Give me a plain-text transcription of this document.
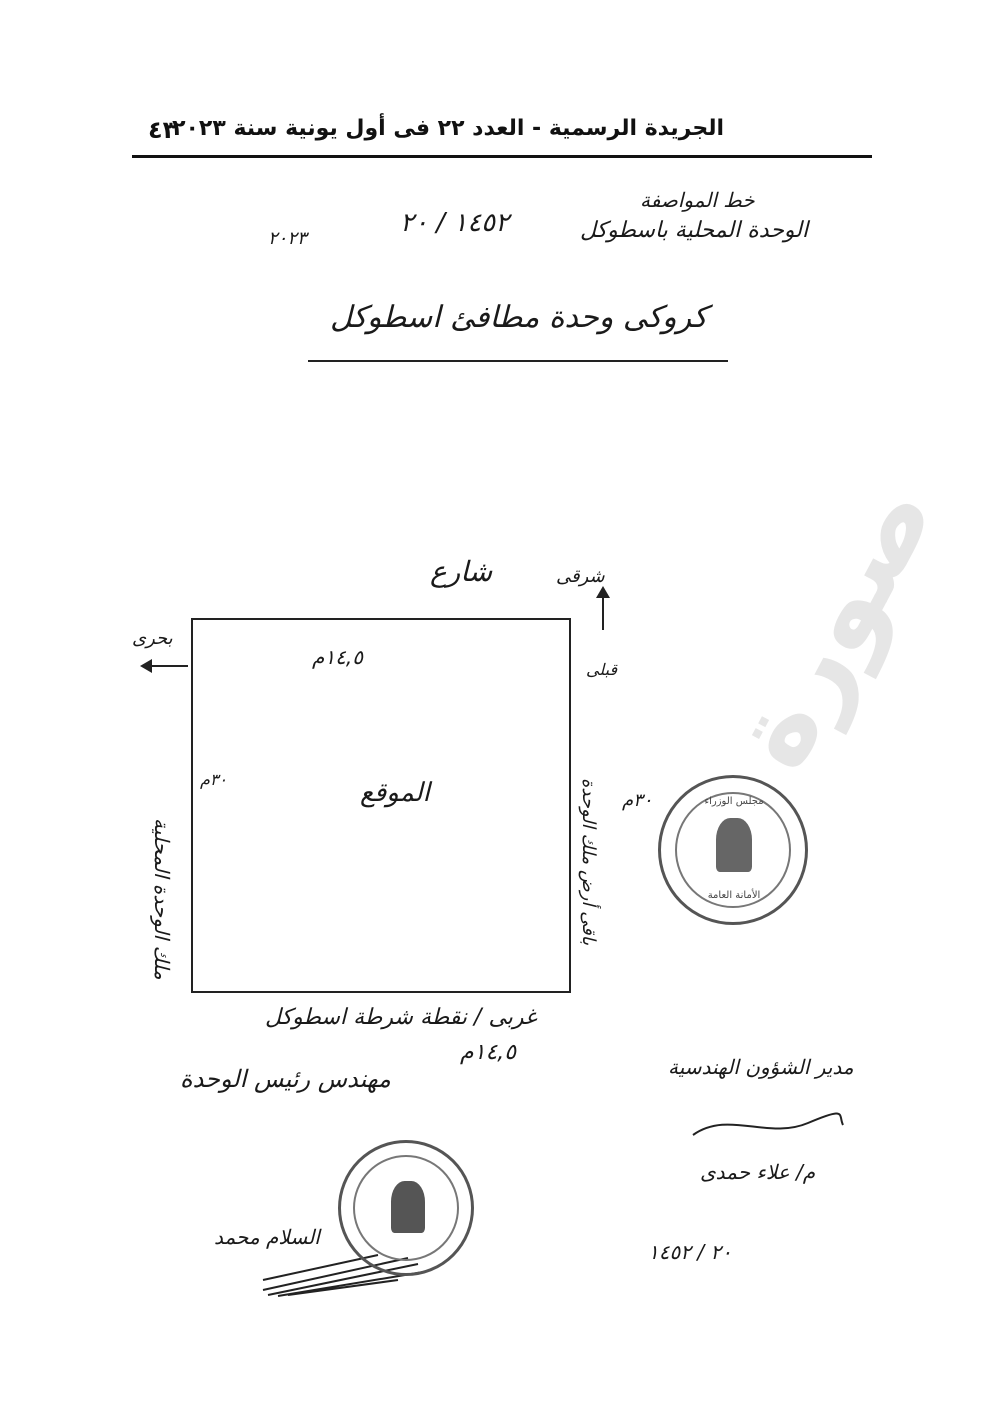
صورة
٤٣
الجريدة الرسمية - العدد ٢٢ فى أول يونية سنة ٢٠٢٣
خط المواصفة
الوحدة المحلية باسطوكل
١٤٥٢ / ٢٠
٢٠٢٣
كروكى وحدة مطافئ اسطوكل
شارع	شرقى
بحرى
١٤,٥م
الموقع
٣٠م
ملك الوحدة المحلية	باقى أرض ملك الوحدة ٣٠م
غربى / نقطة شرطة اسطوكل
قبلى
١٤,٥م
مهندس رئيس الوحدة	مدير الشؤون الهندسية
م/ علاء حمدى
السلام محمد
٢٠ / ١٤٥٢
مجلس الوزراء
الأمانة العامة
